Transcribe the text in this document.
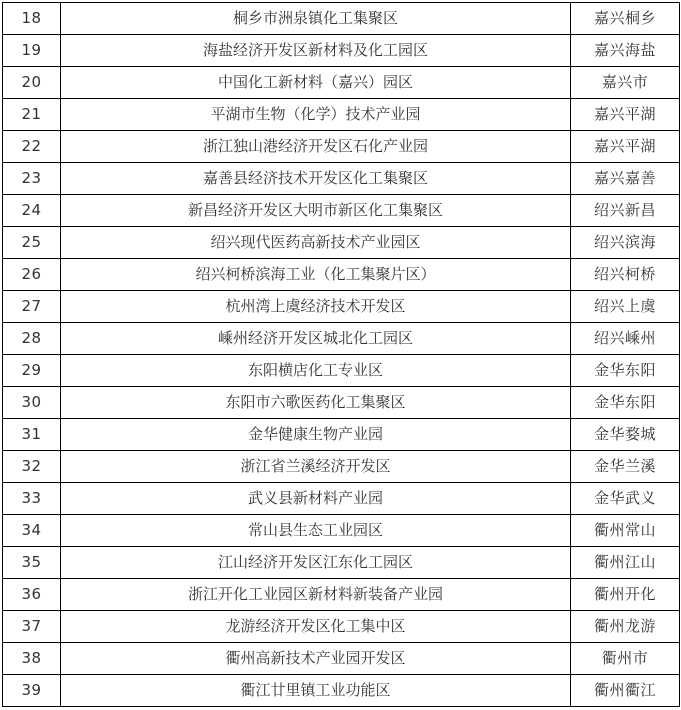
18	桐乡市洲泉镇化工集聚区	嘉兴桐乡
19	海盐经济开发区新材料及化工园区	嘉兴海盐
20	中国化工新材料（嘉兴）园区	嘉兴市
21	平湖市生物（化学）技术产业园	嘉兴平湖
22	浙江独山港经济开发区石化产业园	嘉兴平湖
23	嘉善县经济技术开发区化工集聚区	嘉兴嘉善
24	新昌经济开发区大明市新区化工集聚区	绍兴新昌
25	绍兴现代医药高新技术产业园区	绍兴滨海
26	绍兴柯桥滨海工业（化工集聚片区）	绍兴柯桥
27	杭州湾上虞经济技术开发区	绍兴上虞
28	嵊州经济开发区城北化工园区	绍兴嵊州
29	东阳横店化工专业区	金华东阳
30	东阳市六歌医药化工集聚区	金华东阳
31	金华健康生物产业园	金华婺城
32	浙江省兰溪经济开发区	金华兰溪
33	武义县新材料产业园	金华武义
34	常山县生态工业园区	衢州常山
35	江山经济开发区江东化工园区	衢州江山
36	浙江开化工业园区新材料新装备产业园	衢州开化
37	龙游经济开发区化工集中区	衢州龙游
38	衢州高新技术产业园开发区	衢州市
39	衢江廿里镇工业功能区	衢州衢江
